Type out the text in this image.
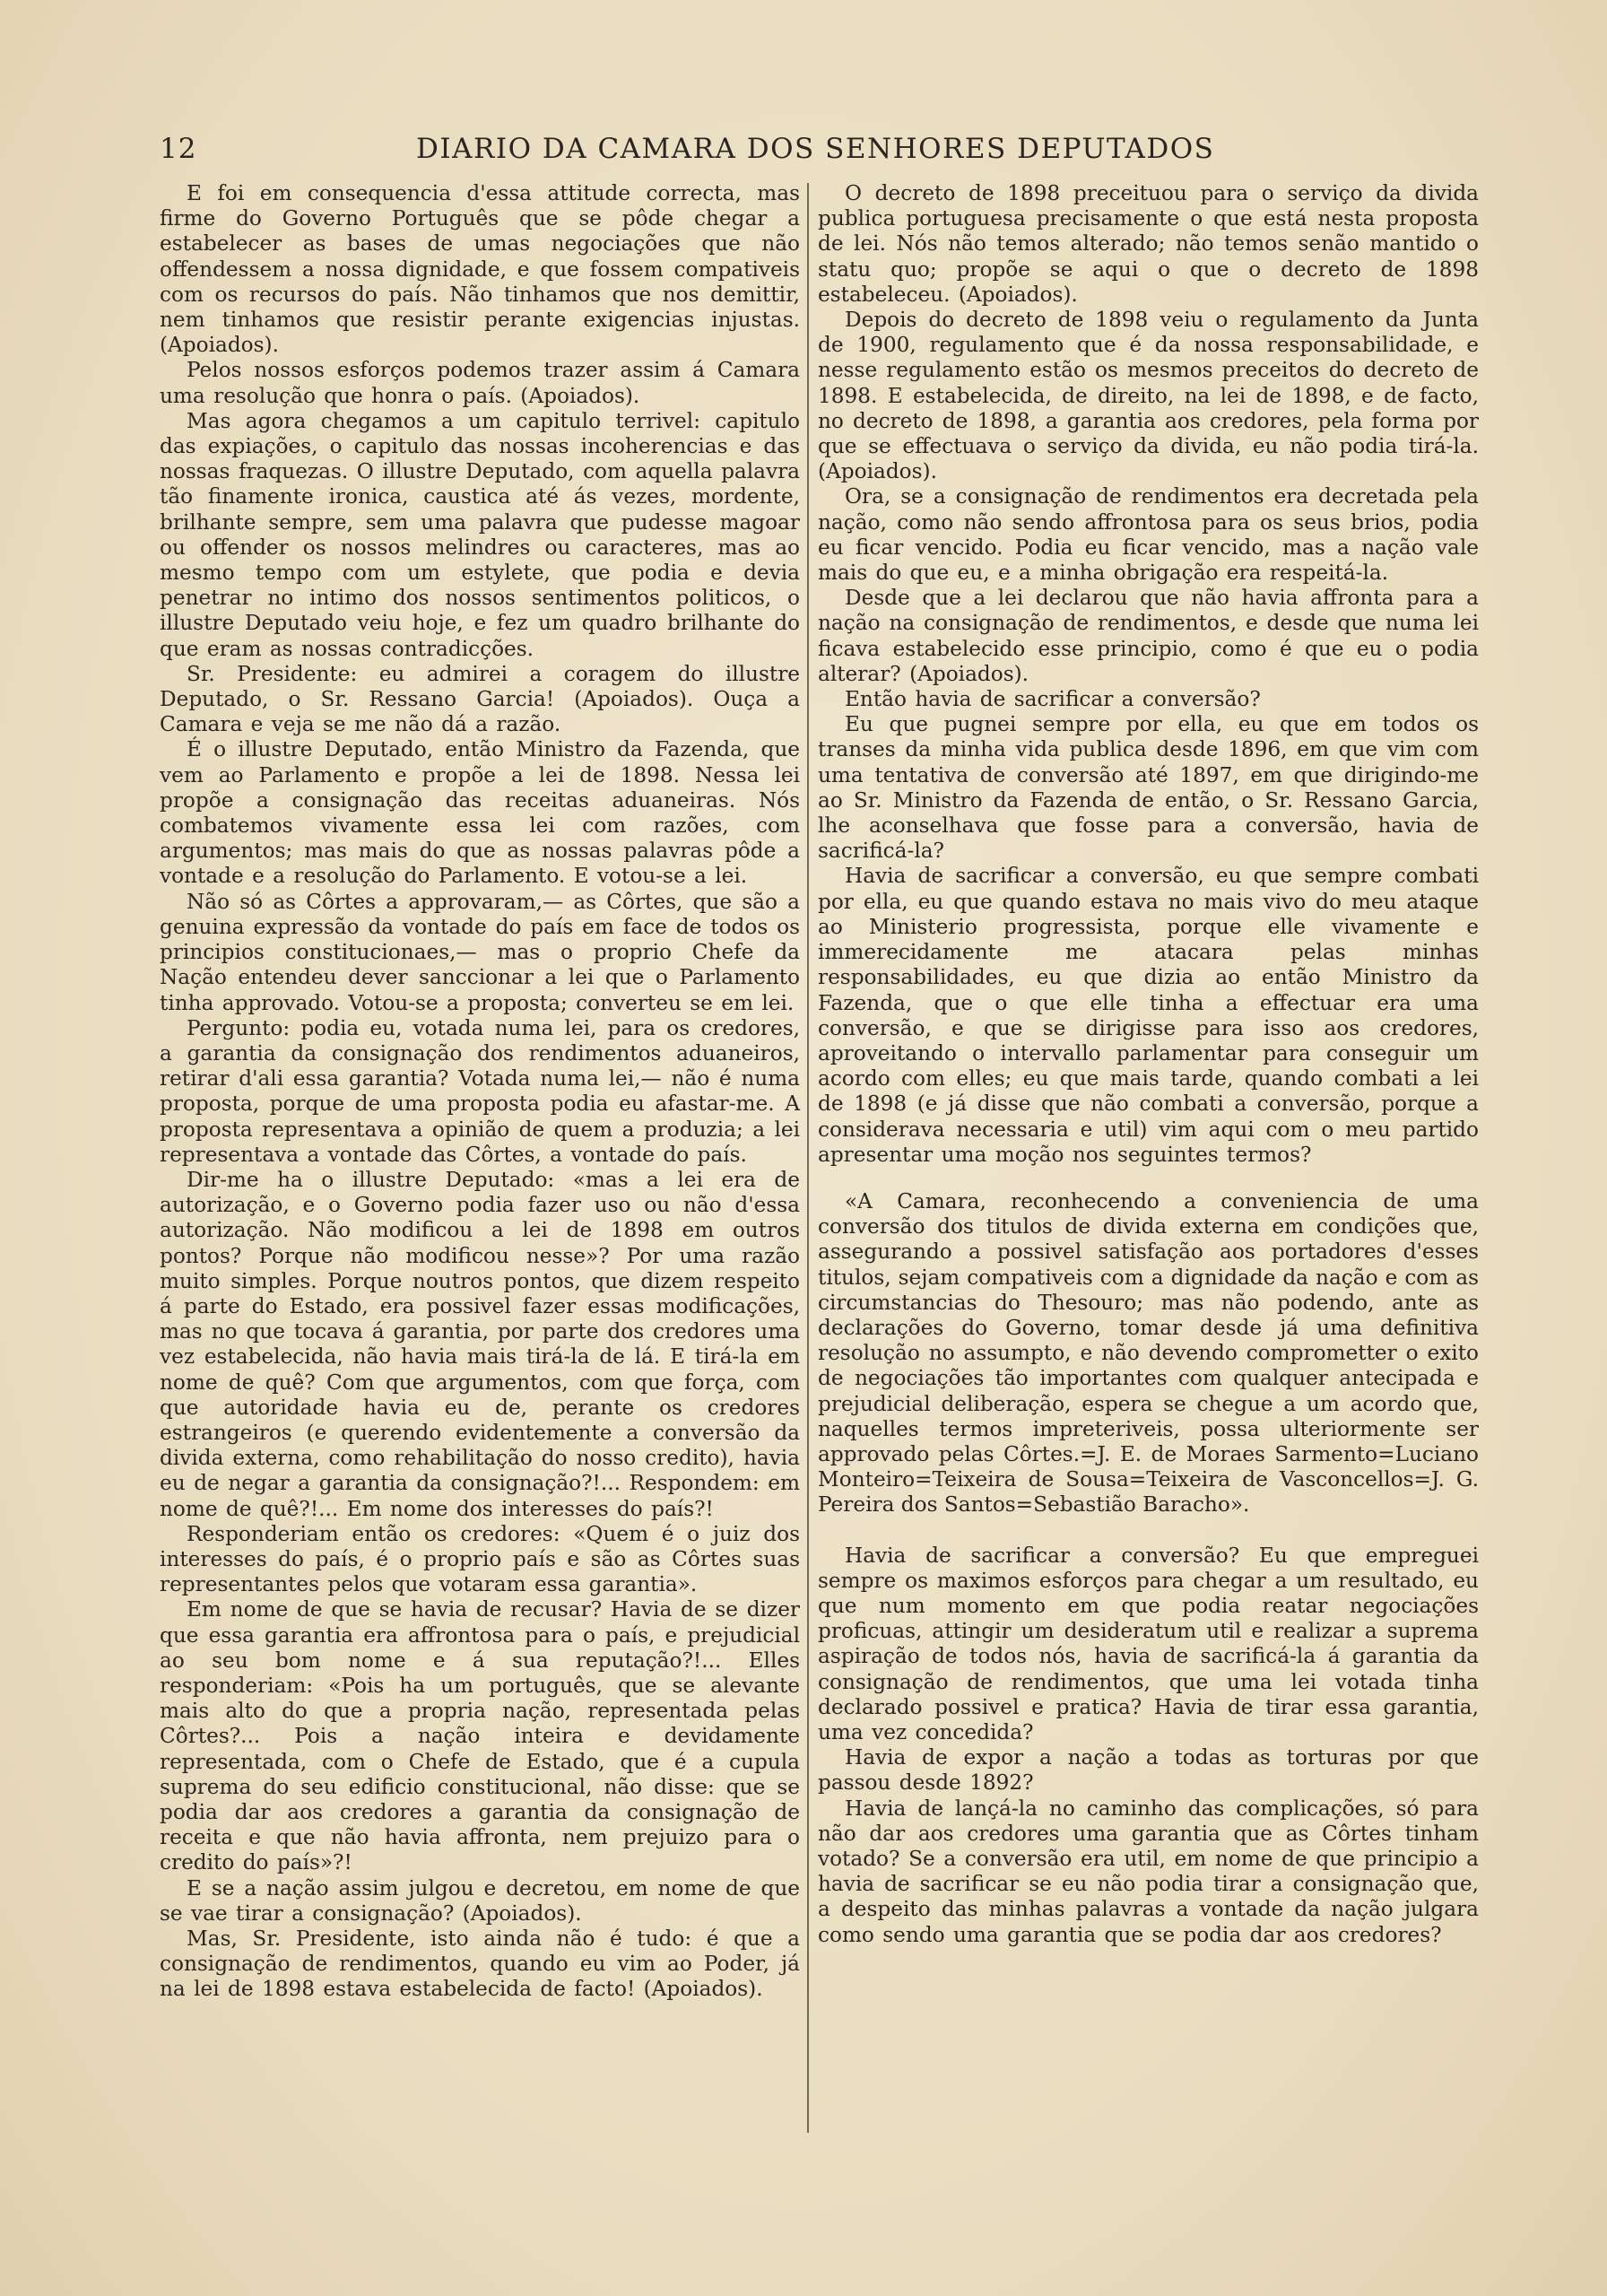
12	DIARIO DA CAMARA DOS SENHORES DEPUTADOS

E foi em consequencia d'essa attitude correcta, mas firme do Governo Português que se pôde chegar a estabelecer as bases de umas negociações que não offendessem a nossa dignidade, e que fossem compativeis com os recursos do país. Não tinhamos que nos demittir, nem tinhamos que resistir perante exigencias injustas. (Apoiados).

Pelos nossos esforços podemos trazer assim á Camara uma resolução que honra o país. (Apoiados).

Mas agora chegamos a um capitulo terrivel: capitulo das expiações, o capitulo das nossas incoherencias e das nossas fraquezas. O illustre Deputado, com aquella palavra tão finamente ironica, caustica até ás vezes, mordente, brilhante sempre, sem uma palavra que pudesse magoar ou offender os nossos melindres ou caracteres, mas ao mesmo tempo com um estylete, que podia e devia penetrar no intimo dos nossos sentimentos politicos, o illustre Deputado veiu hoje, e fez um quadro brilhante do que eram as nossas contradicções.

Sr. Presidente: eu admirei a coragem do illustre Deputado, o Sr. Ressano Garcia! (Apoiados). Ouça a Camara e veja se me não dá a razão.

É o illustre Deputado, então Ministro da Fazenda, que vem ao Parlamento e propõe a lei de 1898. Nessa lei propõe a consignação das receitas aduaneiras. Nós combatemos vivamente essa lei com razões, com argumentos; mas mais do que as nossas palavras pôde a vontade e a resolução do Parlamento. E votou-se a lei.

Não só as Côrtes a approvaram,— as Côrtes, que são a genuina expressão da vontade do país em face de todos os principios constitucionaes,— mas o proprio Chefe da Nação entendeu dever sanccionar a lei que o Parlamento tinha approvado. Votou-se a proposta; converteu se em lei.

Pergunto: podia eu, votada numa lei, para os credores, a garantia da consignação dos rendimentos aduaneiros, retirar d'ali essa garantia? Votada numa lei,— não é numa proposta, porque de uma proposta podia eu afastar-me. A proposta representava a opinião de quem a produzia; a lei representava a vontade das Côrtes, a vontade do país.

Dir-me ha o illustre Deputado: «mas a lei era de autorização, e o Governo podia fazer uso ou não d'essa autorização. Não modificou a lei de 1898 em outros pontos? Porque não modificou nesse»? Por uma razão muito simples. Porque noutros pontos, que dizem respeito á parte do Estado, era possivel fazer essas modificações, mas no que tocava á garantia, por parte dos credores uma vez estabelecida, não havia mais tirá-la de lá. E tirá-la em nome de quê? Com que argumentos, com que força, com que autoridade havia eu de, perante os credores estrangeiros (e querendo evidentemente a conversão da divida externa, como rehabilitação do nosso credito), havia eu de negar a garantia da consignação?!... Respondem: em nome de quê?!... Em nome dos interesses do país?!

Responderiam então os credores: «Quem é o juiz dos interesses do país, é o proprio país e são as Côrtes suas representantes pelos que votaram essa garantia».

Em nome de que se havia de recusar? Havia de se dizer que essa garantia era affrontosa para o país, e prejudicial ao seu bom nome e á sua reputação?!... Elles responderiam: «Pois ha um português, que se alevante mais alto do que a propria nação, representada pelas Côrtes?... Pois a nação inteira e devidamente representada, com o Chefe de Estado, que é a cupula suprema do seu edificio constitucional, não disse: que se podia dar aos credores a garantia da consignação de receita e que não havia affronta, nem prejuizo para o credito do país»?!

E se a nação assim julgou e decretou, em nome de que se vae tirar a consignação? (Apoiados).

Mas, Sr. Presidente, isto ainda não é tudo: é que a consignação de rendimentos, quando eu vim ao Poder, já na lei de 1898 estava estabelecida de facto! (Apoiados).

O decreto de 1898 preceituou para o serviço da divida publica portuguesa precisamente o que está nesta proposta de lei. Nós não temos alterado; não temos senão mantido o statu quo; propõe se aqui o que o decreto de 1898 estabeleceu. (Apoiados).

Depois do decreto de 1898 veiu o regulamento da Junta de 1900, regulamento que é da nossa responsabilidade, e nesse regulamento estão os mesmos preceitos do decreto de 1898. E estabelecida, de direito, na lei de 1898, e de facto, no decreto de 1898, a garantia aos credores, pela forma por que se effectuava o serviço da divida, eu não podia tirá-la. (Apoiados).

Ora, se a consignação de rendimentos era decretada pela nação, como não sendo affrontosa para os seus brios, podia eu ficar vencido. Podia eu ficar vencido, mas a nação vale mais do que eu, e a minha obrigação era respeitá-la.

Desde que a lei declarou que não havia affronta para a nação na consignação de rendimentos, e desde que numa lei ficava estabelecido esse principio, como é que eu o podia alterar? (Apoiados).

Então havia de sacrificar a conversão?

Eu que pugnei sempre por ella, eu que em todos os transes da minha vida publica desde 1896, em que vim com uma tentativa de conversão até 1897, em que dirigindo-me ao Sr. Ministro da Fazenda de então, o Sr. Ressano Garcia, lhe aconselhava que fosse para a conversão, havia de sacrificá-la?

Havia de sacrificar a conversão, eu que sempre combati por ella, eu que quando estava no mais vivo do meu ataque ao Ministerio progressista, porque elle vivamente e immerecidamente me atacara pelas minhas responsabilidades, eu que dizia ao então Ministro da Fazenda, que o que elle tinha a effectuar era uma conversão, e que se dirigisse para isso aos credores, aproveitando o intervallo parlamentar para conseguir um acordo com elles; eu que mais tarde, quando combati a lei de 1898 (e já disse que não combati a conversão, porque a considerava necessaria e util) vim aqui com o meu partido apresentar uma moção nos seguintes termos?

«A Camara, reconhecendo a conveniencia de uma conversão dos titulos de divida externa em condições que, assegurando a possivel satisfação aos portadores d'esses titulos, sejam compativeis com a dignidade da nação e com as circumstancias do Thesouro; mas não podendo, ante as declarações do Governo, tomar desde já uma definitiva resolução no assumpto, e não devendo comprometter o exito de negociações tão importantes com qualquer antecipada e prejudicial deliberação, espera se chegue a um acordo que, naquelles termos impreteriveis, possa ulteriormente ser approvado pelas Côrtes.=J. E. de Moraes Sarmento=Luciano Monteiro=Teixeira de Sousa=Teixeira de Vasconcellos=J. G. Pereira dos Santos=Sebastião Baracho».

Havia de sacrificar a conversão? Eu que empreguei sempre os maximos esforços para chegar a um resultado, eu que num momento em que podia reatar negociações proficuas, attingir um desideratum util e realizar a suprema aspiração de todos nós, havia de sacrificá-la á garantia da consignação de rendimentos, que uma lei votada tinha declarado possivel e pratica? Havia de tirar essa garantia, uma vez concedida?

Havia de expor a nação a todas as torturas por que passou desde 1892?

Havia de lançá-la no caminho das complicações, só para não dar aos credores uma garantia que as Côrtes tinham votado? Se a conversão era util, em nome de que principio a havia de sacrificar se eu não podia tirar a consignação que, a despeito das minhas palavras a vontade da nação julgara como sendo uma garantia que se podia dar aos credores?
